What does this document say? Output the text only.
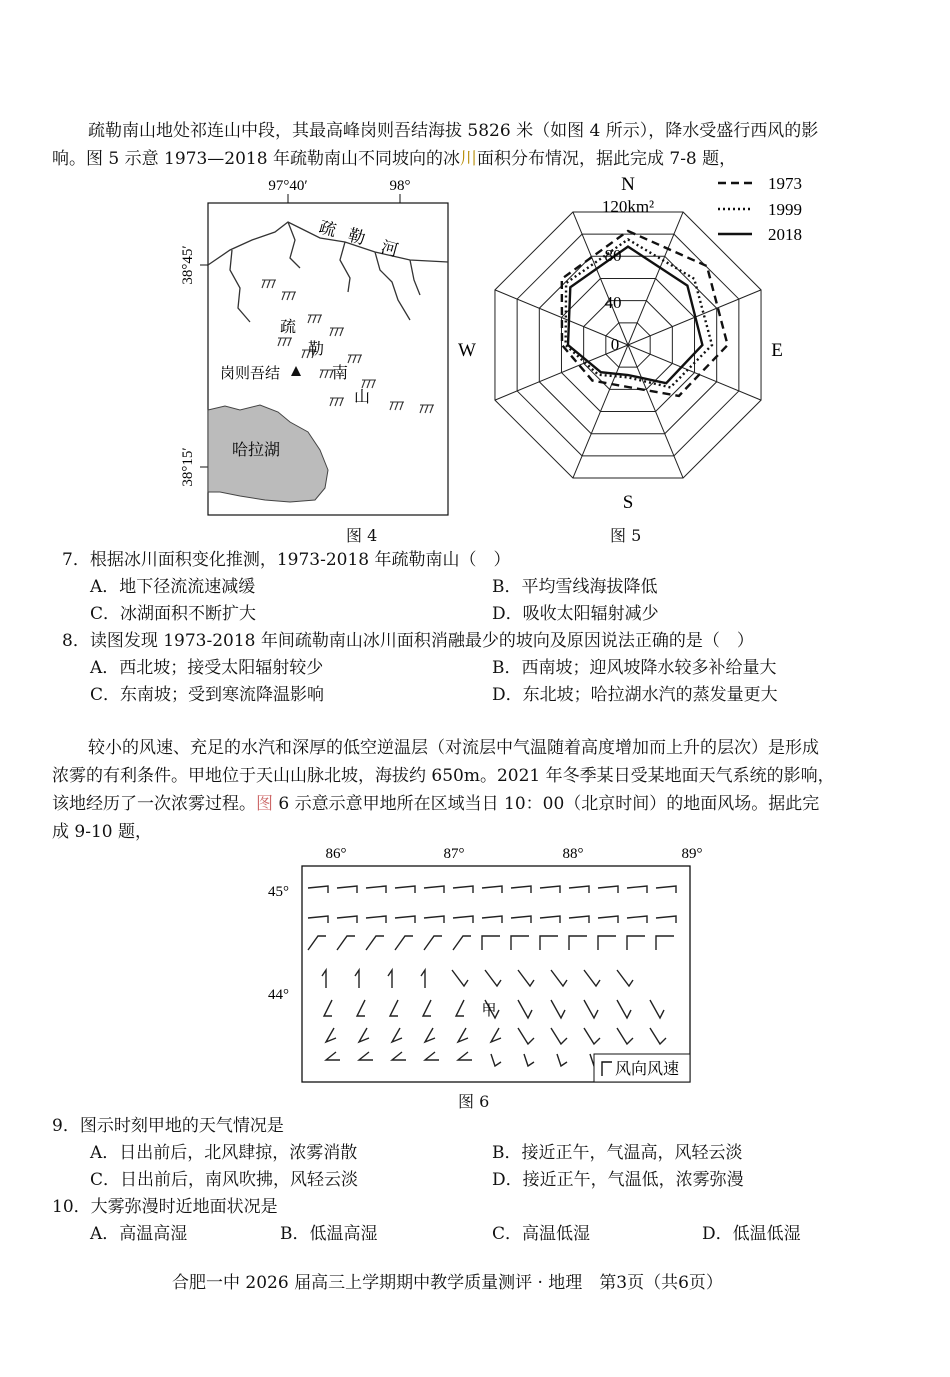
疏勒南山地处祁连山中段，其最高峰岗则吾结海拔 5826 米（如图 4 所示），降水受盛行西风的影
响。图 5 示意 1973—2018 年疏勒南山不同坡向的冰川面积分布情况，据此完成 7-8 题，
97°40′	98°
38°45′
38°15′
疏 勒
河
疏
勒
南
山
岗则吾结
哈拉湖
图 4
N
S
E
W
120km²
80
40
0
1973
1999
2018
图 5
7．根据冰川面积变化推测，1973-2018 年疏勒南山（　）
A．地下径流流速减缓	B．平均雪线海拔降低
C．冰湖面积不断扩大	D．吸收太阳辐射减少
8．读图发现 1973-2018 年间疏勒南山冰川面积消融最少的坡向及原因说法正确的是（　）
A．西北坡；接受太阳辐射较少	B．西南坡；迎风坡降水较多补给量大
C．东南坡；受到寒流降温影响	D．东北坡；哈拉湖水汽的蒸发量更大
较小的风速、充足的水汽和深厚的低空逆温层（对流层中气温随着高度增加而上升的层次）是形成
浓雾的有利条件。甲地位于天山山脉北坡，海拔约 650m。2021 年冬季某日受某地面天气系统的影响，
该地经历了一次浓雾过程。图 6 示意示意甲地所在区域当日 10：00（北京时间）的地面风场。据此完
成 9-10 题，
86°	87°	88°	89°
45°
44°
甲
风向风速
图 6
9．图示时刻甲地的天气情况是
A．日出前后，北风肆掠，浓雾消散	B．接近正午，气温高，风轻云淡
C．日出前后，南风吹拂，风轻云淡	D．接近正午，气温低，浓雾弥漫
10．大雾弥漫时近地面状况是
A．高温高湿	B．低温高湿	C．高温低湿	D．低温低湿
合肥一中 2026 届高三上学期期中教学质量测评 · 地理　第3页（共6页）
